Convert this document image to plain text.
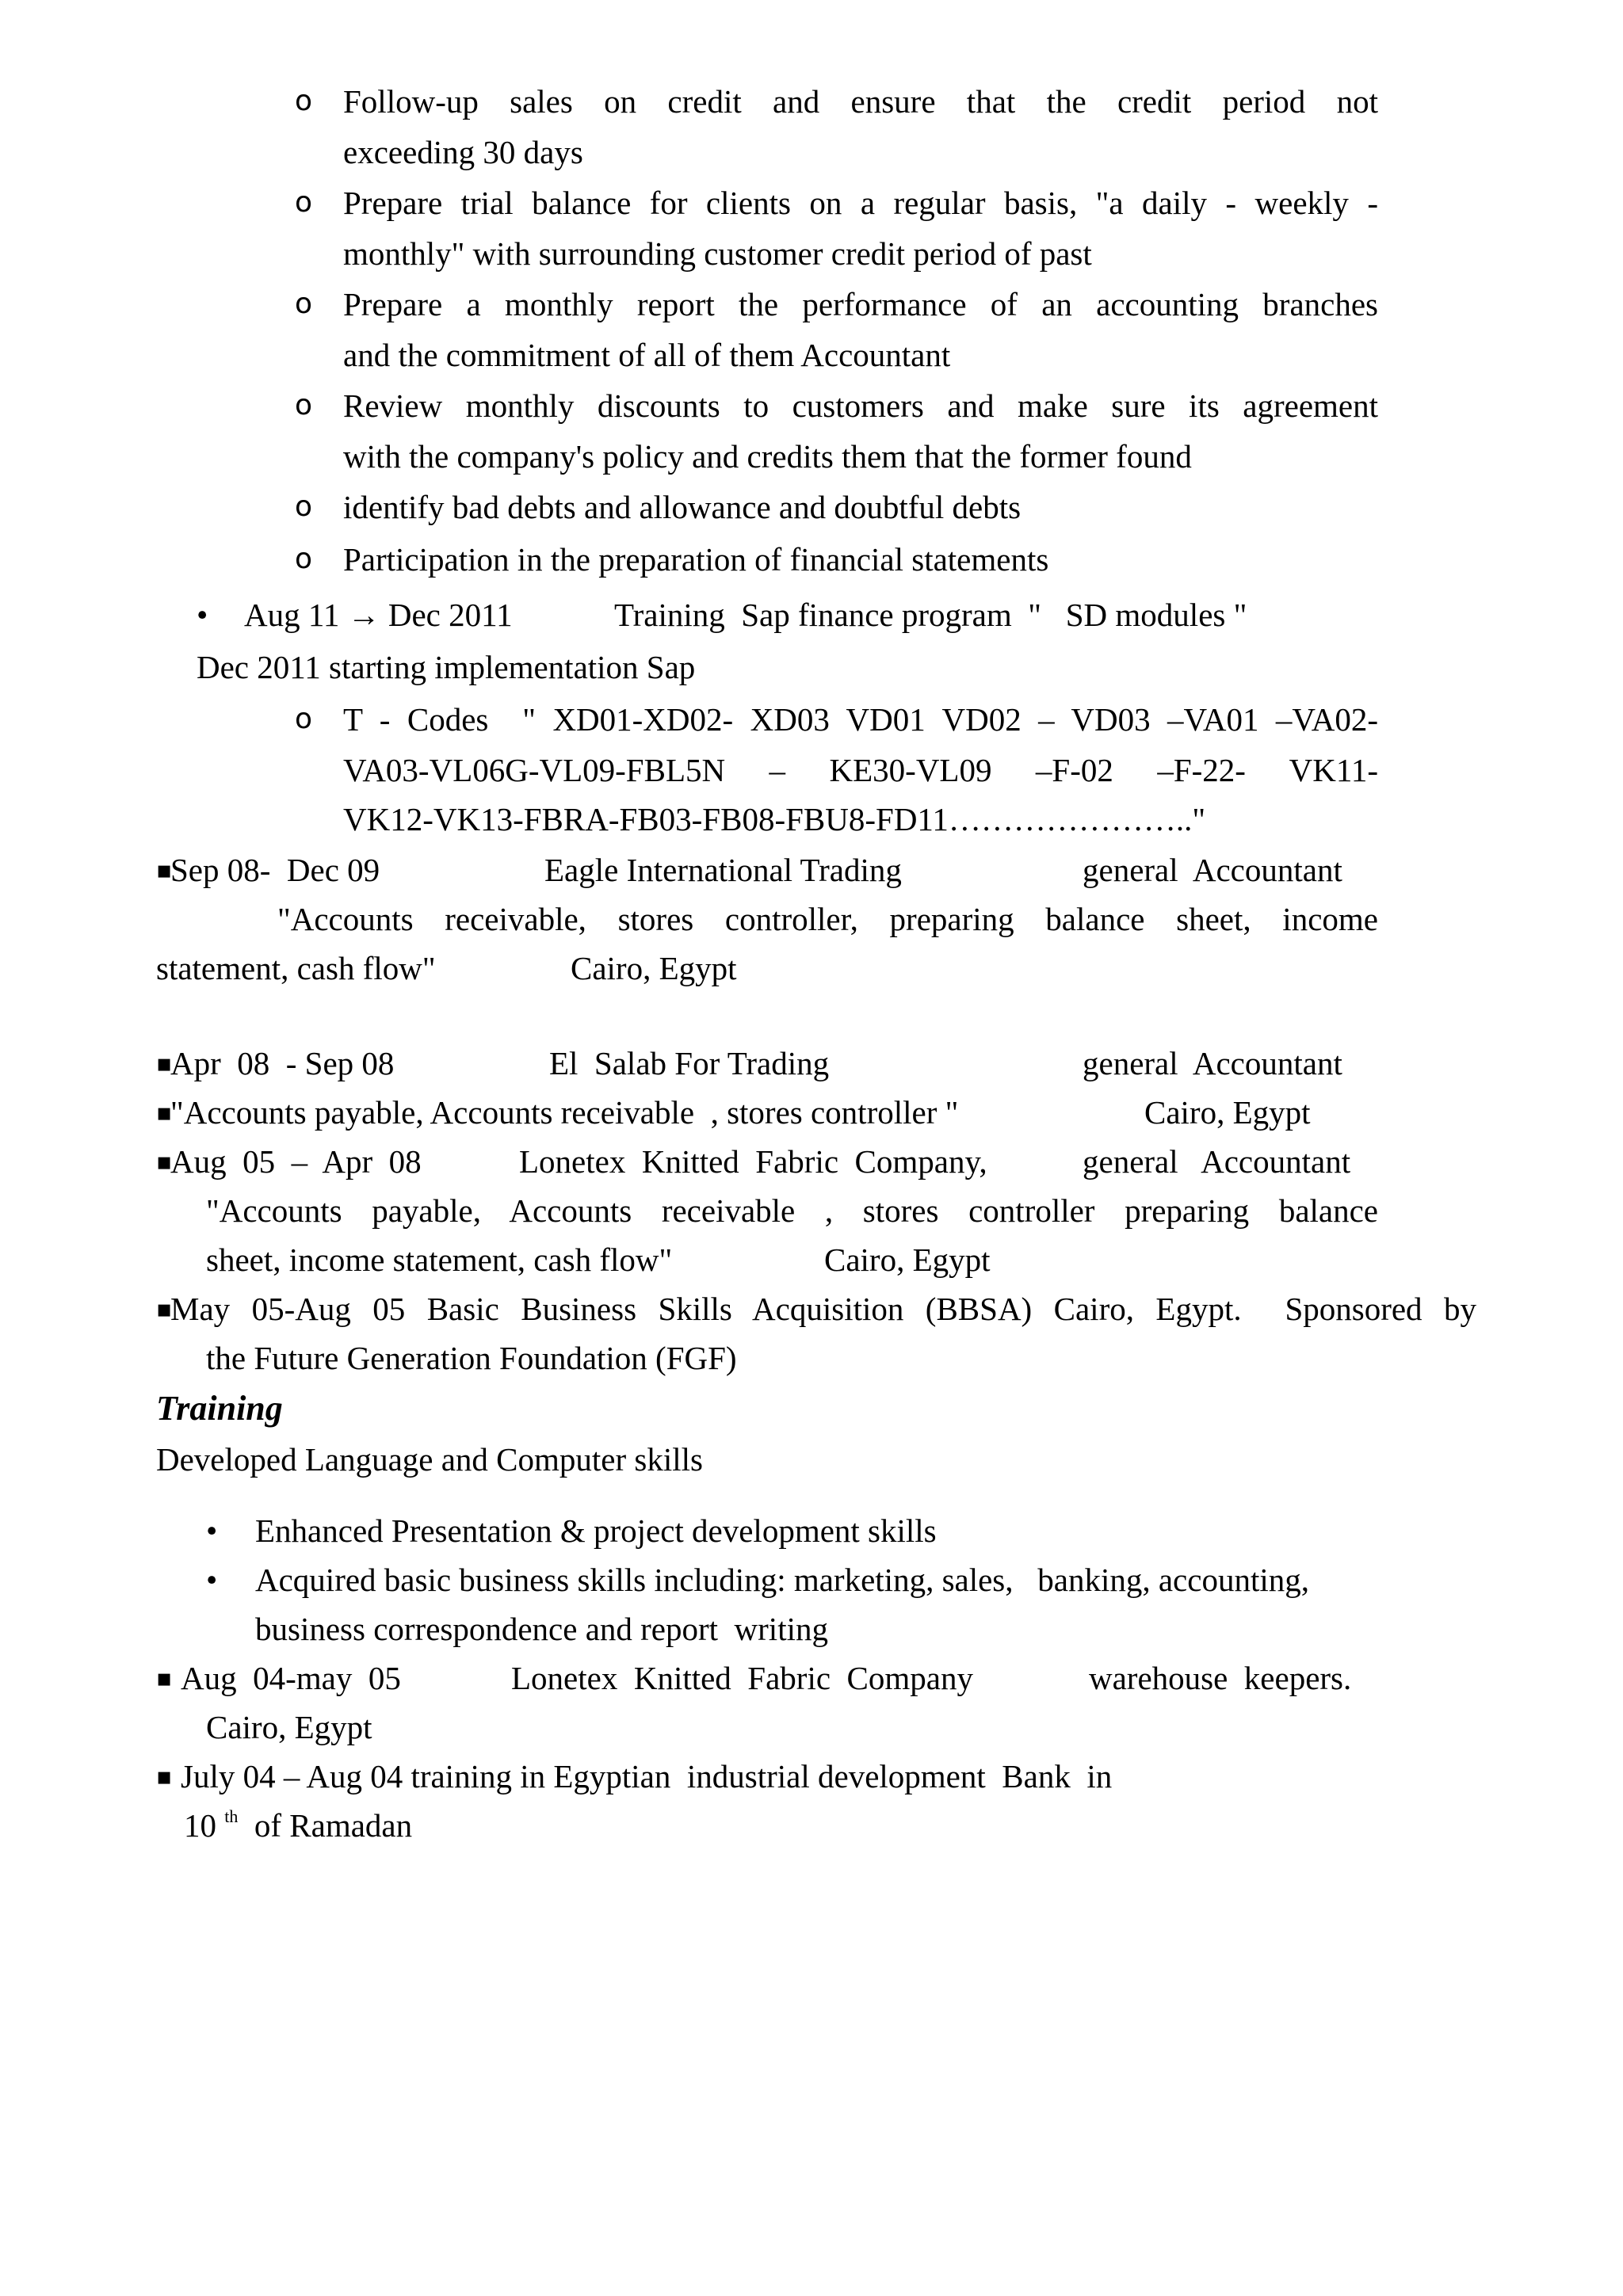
o Follow-up sales on credit and ensure that the credit period not
exceeding 30 days
o Prepare trial balance for clients on a regular basis, "a daily - weekly -
monthly" with surrounding customer credit period of past
o Prepare a monthly report the performance of an accounting branches
and the commitment of all of them Accountant
o Review monthly discounts to customers and make sure its agreement
with the company's policy and credits them that the former found
o identify bad debts and allowance and doubtful debts
o Participation in the preparation of financial statements
• Aug 11 → Dec 2011	Training  Sap finance program  "   SD modules "
Dec 2011 starting implementation Sap
o T - Codes  " XD01-XD02- XD03 VD01 VD02 – VD03 –VA01 –VA02-
VA03-VL06G-VL09-FBL5N  –  KE30-VL09  –F-02  –F-22-  VK11-
VK12-VK13-FBRA-FB03-FB08-FBU8-FD11………………….."
▪
Sep 08-  Dec 09	Eagle International Trading	general  Accountant
"Accounts receivable, stores controller, preparing balance sheet, income
statement, cash flow"	Cairo, Egypt
▪
Apr  08  - Sep 08	El  Salab For Trading	general  Accountant
▪
"Accounts payable, Accounts receivable  , stores controller "	Cairo, Egypt
▪
Aug  05  –  Apr  08	Lonetex  Knitted  Fabric  Company,	general   Accountant
"Accounts payable, Accounts receivable , stores controller preparing balance
sheet, income statement, cash flow"	Cairo, Egypt
▪
May 05-Aug 05 Basic Business Skills Acquisition (BBSA) Cairo, Egypt.  Sponsored by
the Future Generation Foundation (FGF)
Training
Developed Language and Computer skills
• Enhanced Presentation & project development skills
• Acquired basic business skills including: marketing, sales,   banking, accounting,
business correspondence and report  writing
▪ Aug  04-may  05	Lonetex  Knitted  Fabric  Company	warehouse  keepers.
Cairo, Egypt
▪ July 04 – Aug 04 training in Egyptian  industrial development  Bank  in
10 $^{th}$ of Ramadan
